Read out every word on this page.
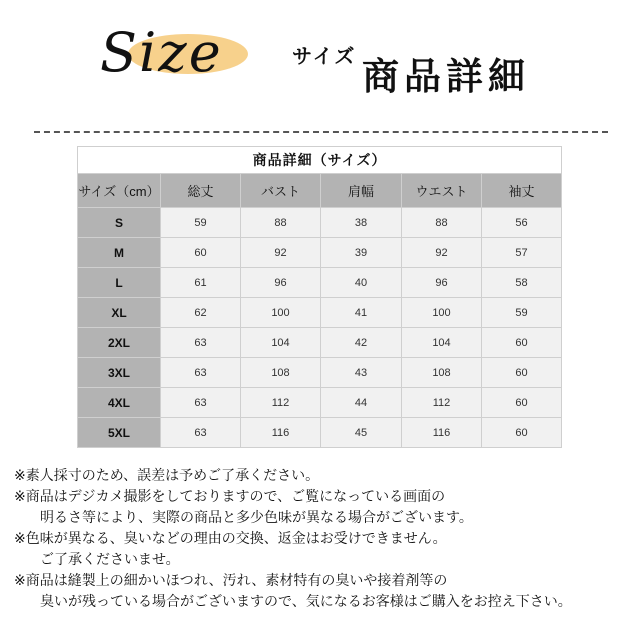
Size	サイズ 商品詳細
商品詳細（サイズ）					
サイズ（cm）	総丈	バスト	肩幅	ウエスト	袖丈
S	59	88	38	88	56
M	60	92	39	92	57
L	61	96	40	96	58
XL	62	100	41	100	59
2XL	63	104	42	104	60
3XL	63	108	43	108	60
4XL	63	112	44	112	60
5XL	63	116	45	116	60

※素人採寸のため、誤差は予めご了承ください。

※商品はデジカメ撮影をしておりますので、ご覧になっている画面の

明るさ等により、実際の商品と多少色味が異なる場合がございます。

※色味が異なる、臭いなどの理由の交換、返金はお受けできません。

ご了承くださいませ。

※商品は縫製上の細かいほつれ、汚れ、素材特有の臭いや接着剤等の

臭いが残っている場合がございますので、気になるお客様はご購入をお控え下さい。
